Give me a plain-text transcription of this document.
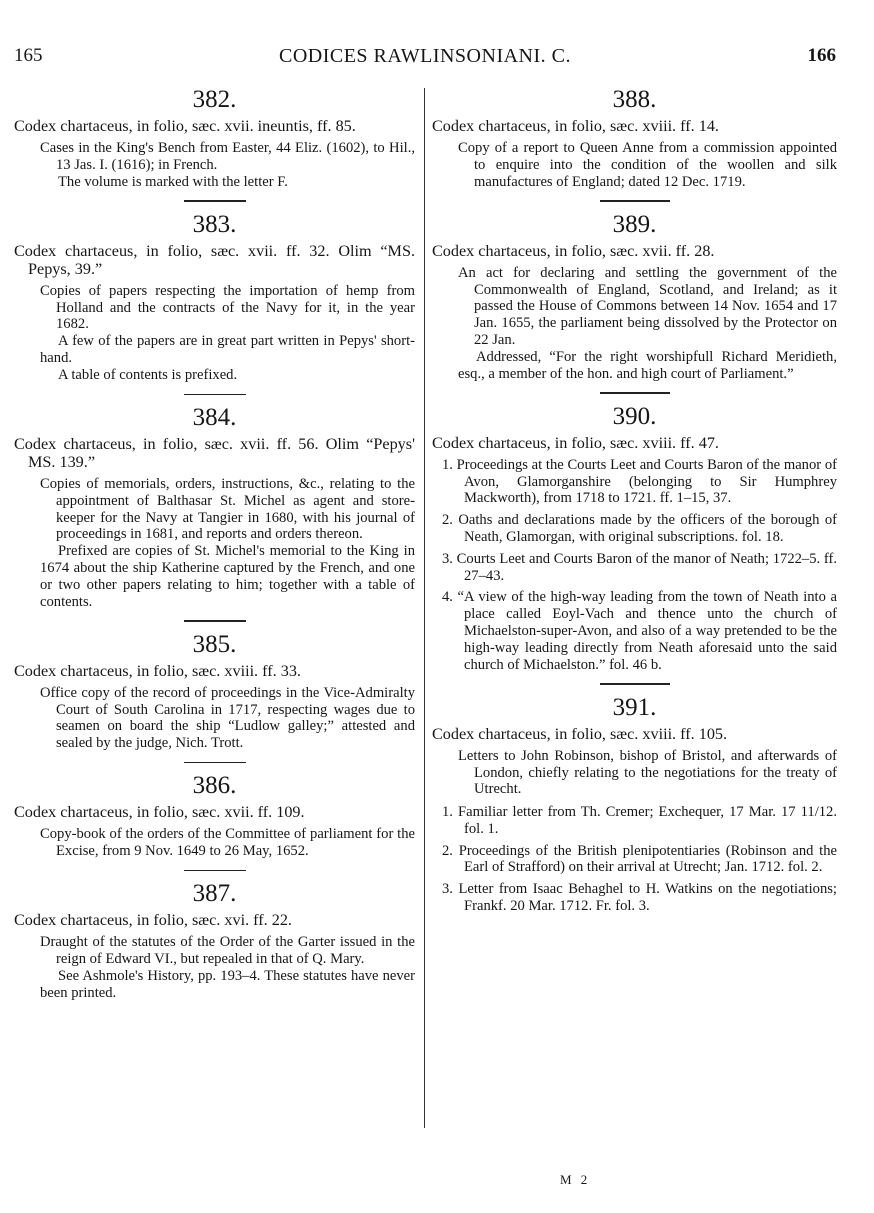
165	CODICES RAWLINSONIANI. C.	166
382.
Codex chartaceus, in folio, sæc. xvii. ineuntis, ff. 85.
Cases in the King's Bench from Easter, 44 Eliz. (1602), to Hil., 13 Jas. I. (1616); in French.
The volume is marked with the letter F.
383.
Codex chartaceus, in folio, sæc. xvii. ff. 32. Olim “MS. Pepys, 39.”
Copies of papers respecting the importation of hemp from Holland and the contracts of the Navy for it, in the year 1682.
A few of the papers are in great part written in Pepys' short-hand.
A table of contents is prefixed.
384.
Codex chartaceus, in folio, sæc. xvii. ff. 56. Olim “Pepys' MS. 139.”
Copies of memorials, orders, instructions, &c., relating to the appointment of Balthasar St. Michel as agent and store-keeper for the Navy at Tangier in 1680, with his journal of proceedings in 1681, and reports and orders thereon.
Prefixed are copies of St. Michel's memorial to the King in 1674 about the ship Katherine captured by the French, and one or two other papers relating to him; together with a table of contents.
385.
Codex chartaceus, in folio, sæc. xviii. ff. 33.
Office copy of the record of proceedings in the Vice-Admiralty Court of South Carolina in 1717, respecting wages due to seamen on board the ship “Ludlow galley;” attested and sealed by the judge, Nich. Trott.
386.
Codex chartaceus, in folio, sæc. xvii. ff. 109.
Copy-book of the orders of the Committee of parliament for the Excise, from 9 Nov. 1649 to 26 May, 1652.
387.
Codex chartaceus, in folio, sæc. xvi. ff. 22.
Draught of the statutes of the Order of the Garter issued in the reign of Edward VI., but repealed in that of Q. Mary.
See Ashmole's History, pp. 193–4. These statutes have never been printed.
388.
Codex chartaceus, in folio, sæc. xviii. ff. 14.
Copy of a report to Queen Anne from a commission appointed to enquire into the condition of the woollen and silk manufactures of England; dated 12 Dec. 1719.
389.
Codex chartaceus, in folio, sæc. xvii. ff. 28.
An act for declaring and settling the government of the Commonwealth of England, Scotland, and Ireland; as it passed the House of Commons between 14 Nov. 1654 and 17 Jan. 1655, the parliament being dissolved by the Protector on 22 Jan.
Addressed, “For the right worshipfull Richard Meridieth, esq., a member of the hon. and high court of Parliament.”
390.
Codex chartaceus, in folio, sæc. xviii. ff. 47.
1. Proceedings at the Courts Leet and Courts Baron of the manor of Avon, Glamorganshire (belonging to Sir Humphrey Mackworth), from 1718 to 1721. ff. 1–15, 37.
2. Oaths and declarations made by the officers of the borough of Neath, Glamorgan, with original subscriptions. fol. 18.
3. Courts Leet and Courts Baron of the manor of Neath; 1722–5. ff. 27–43.
4. “A view of the high-way leading from the town of Neath into a place called Eoyl-Vach and thence unto the church of Michaelston-super-Avon, and also of a way pretended to be the high-way leading directly from Neath aforesaid unto the said church of Michaelston.” fol. 46 b.
391.
Codex chartaceus, in folio, sæc. xviii. ff. 105.
Letters to John Robinson, bishop of Bristol, and afterwards of London, chiefly relating to the negotiations for the treaty of Utrecht.
1. Familiar letter from Th. Cremer; Exchequer, 17 Mar. 17 11/12. fol. 1.
2. Proceedings of the British plenipotentiaries (Robinson and the Earl of Strafford) on their arrival at Utrecht; Jan. 1712. fol. 2.
3. Letter from Isaac Behaghel to H. Watkins on the negotiations; Frankf. 20 Mar. 1712. Fr. fol. 3.
M 2
